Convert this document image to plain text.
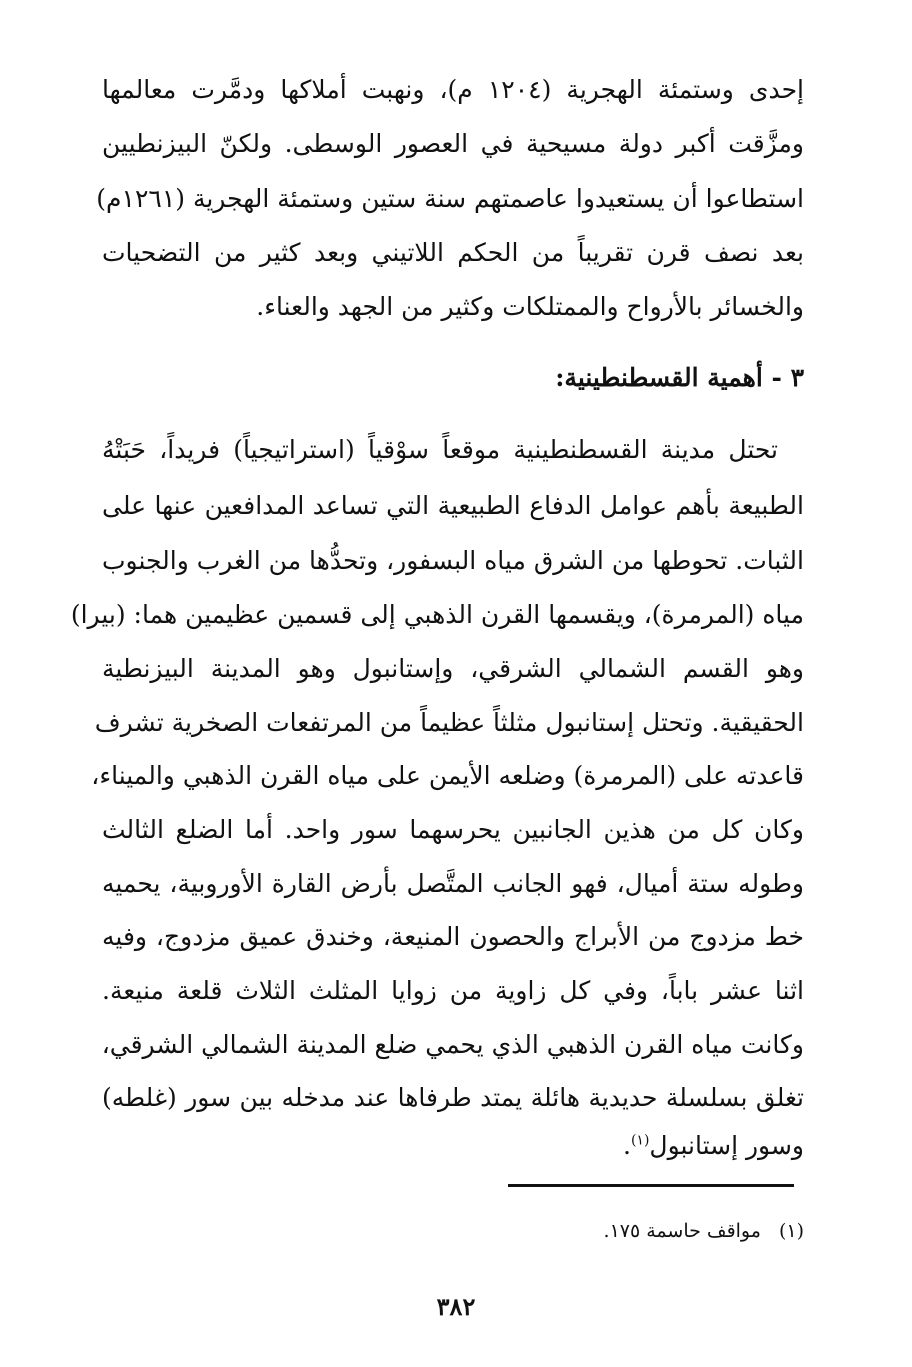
إحدى وستمئة الهجرية (١٢٠٤ م)، ونهبت أملاكها ودمَّرت معالمها
ومزَّقت أكبر دولة مسيحية في العصور الوسطى. ولكنّ البيزنطيين
استطاعوا أن يستعيدوا عاصمتهم سنة ستين وستمئة الهجرية (١٢٦١م)
بعد نصف قرن تقريباً من الحكم اللاتيني وبعد كثير من التضحيات
والخسائر بالأرواح والممتلكات وكثير من الجهد والعناء.
٣ - أهمية القسطنطينية:
تحتل مدينة القسطنطينية موقعاً سوْقياً (استراتيجياً) فريداً، حَبَتْهُ
الطبيعة بأهم عوامل الدفاع الطبيعية التي تساعد المدافعين عنها على
الثبات. تحوطها من الشرق مياه البسفور، وتحدُّها من الغرب والجنوب
مياه (المرمرة)، ويقسمها القرن الذهبي إلى قسمين عظيمين هما: (بيرا)
وهو القسم الشمالي الشرقي، وإستانبول وهو المدينة البيزنطية
الحقيقية. وتحتل إستانبول مثلثاً عظيماً من المرتفعات الصخرية تشرف
قاعدته على (المرمرة) وضلعه الأيمن على مياه القرن الذهبي والميناء،
وكان كل من هذين الجانبين يحرسهما سور واحد. أما الضلع الثالث
وطوله ستة أميال، فهو الجانب المتَّصل بأرض القارة الأوروبية، يحميه
خط مزدوج من الأبراج والحصون المنيعة، وخندق عميق مزدوج، وفيه
اثنا عشر باباً، وفي كل زاوية من زوايا المثلث الثلاث قلعة منيعة.
وكانت مياه القرن الذهبي الذي يحمي ضلع المدينة الشمالي الشرقي،
تغلق بسلسلة حديدية هائلة يمتد طرفاها عند مدخله بين سور (غلطه)
وسور إستانبول$^{(١)}$.
(١)مواقف حاسمة ١٧٥.
٣٨٢
